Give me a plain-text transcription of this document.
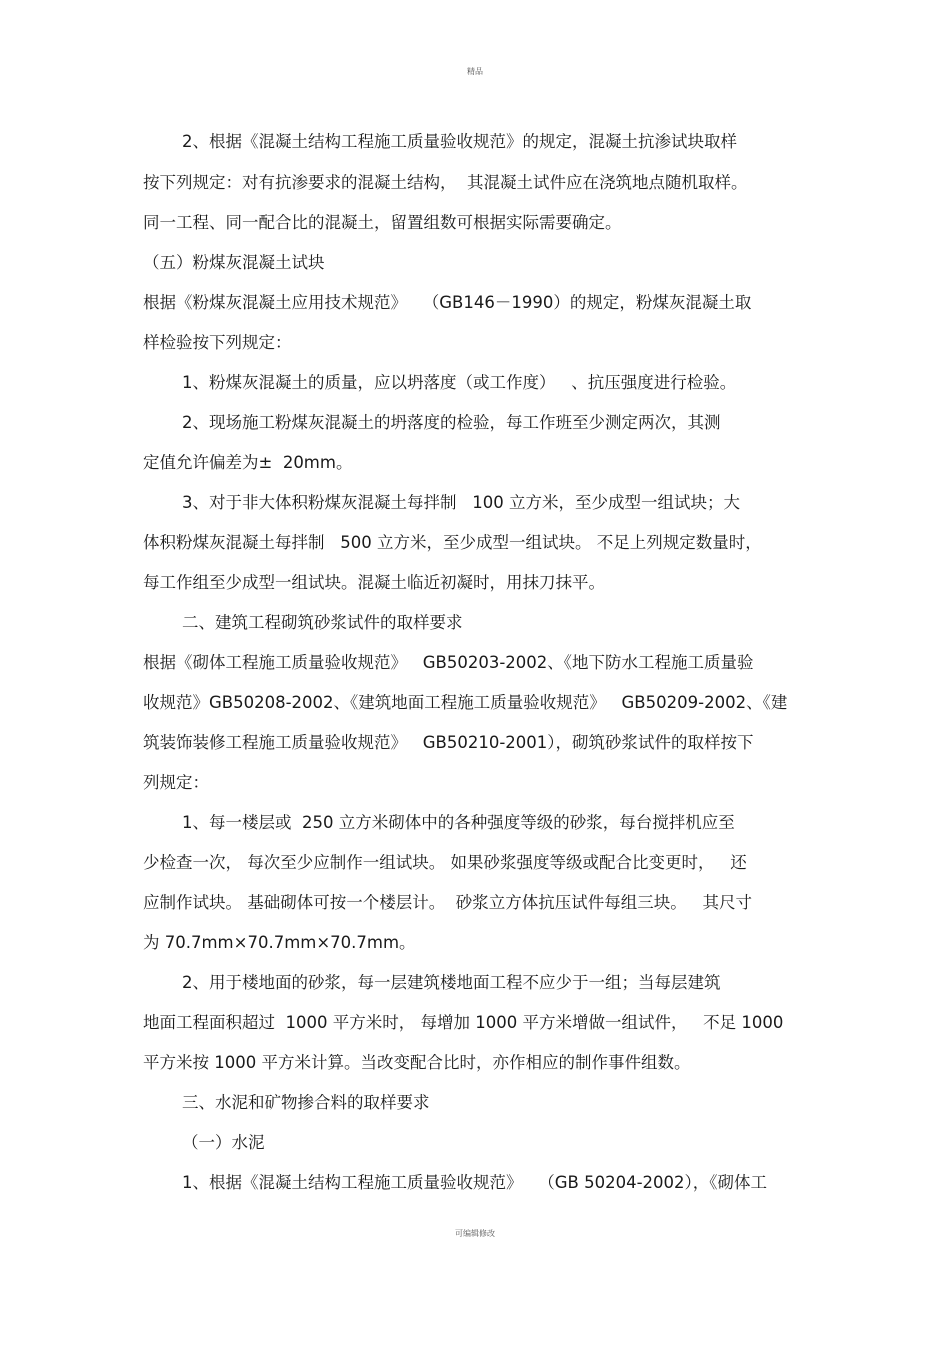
精品
2、根据《混凝土结构工程施工质量验收规范》的规定，混凝土抗渗试块取样
按下列规定：对有抗渗要求的混凝土结构，  其混凝土试件应在浇筑地点随机取样。
同一工程、同一配合比的混凝土，留置组数可根据实际需要确定。
（五）粉煤灰混凝土试块
根据《粉煤灰混凝土应用技术规范》   （GB146－1990）的规定，粉煤灰混凝土取
样检验按下列规定：
1、粉煤灰混凝土的质量，应以坍落度（或工作度）   、抗压强度进行检验。
2、现场施工粉煤灰混凝土的坍落度的检验，每工作班至少测定两次，其测
定值允许偏差为±  20mm。
3、对于非大体积粉煤灰混凝土每拌制   100 立方米，至少成型一组试块；大
体积粉煤灰混凝土每拌制   500 立方米，至少成型一组试块。 不足上列规定数量时，
每工作组至少成型一组试块。混凝土临近初凝时，用抹刀抹平。
二、建筑工程砌筑砂浆试件的取样要求
根据《砌体工程施工质量验收规范》   GB50203-2002、《地下防水工程施工质量验
收规范》GB50208-2002、《建筑地面工程施工质量验收规范》   GB50209-2002、《建
筑装饰装修工程施工质量验收规范》   GB50210-2001），砌筑砂浆试件的取样按下
列规定：
1、每一楼层或  250 立方米砌体中的各种强度等级的砂浆，每台搅拌机应至
少检查一次， 每次至少应制作一组试块。 如果砂浆强度等级或配合比变更时，   还
应制作试块。 基础砌体可按一个楼层计。  砂浆立方体抗压试件每组三块。   其尺寸
为 70.7mm×70.7mm×70.7mm。
2、用于楼地面的砂浆，每一层建筑楼地面工程不应少于一组；当每层建筑
地面工程面积超过  1000 平方米时， 每增加 1000 平方米增做一组试件，   不足 1000
平方米按 1000 平方米计算。当改变配合比时，亦作相应的制作事件组数。
三、水泥和矿物掺合料的取样要求
（一）水泥
1、根据《混凝土结构工程施工质量验收规范》   （GB 50204-2002），《砌体工
可编辑修改
